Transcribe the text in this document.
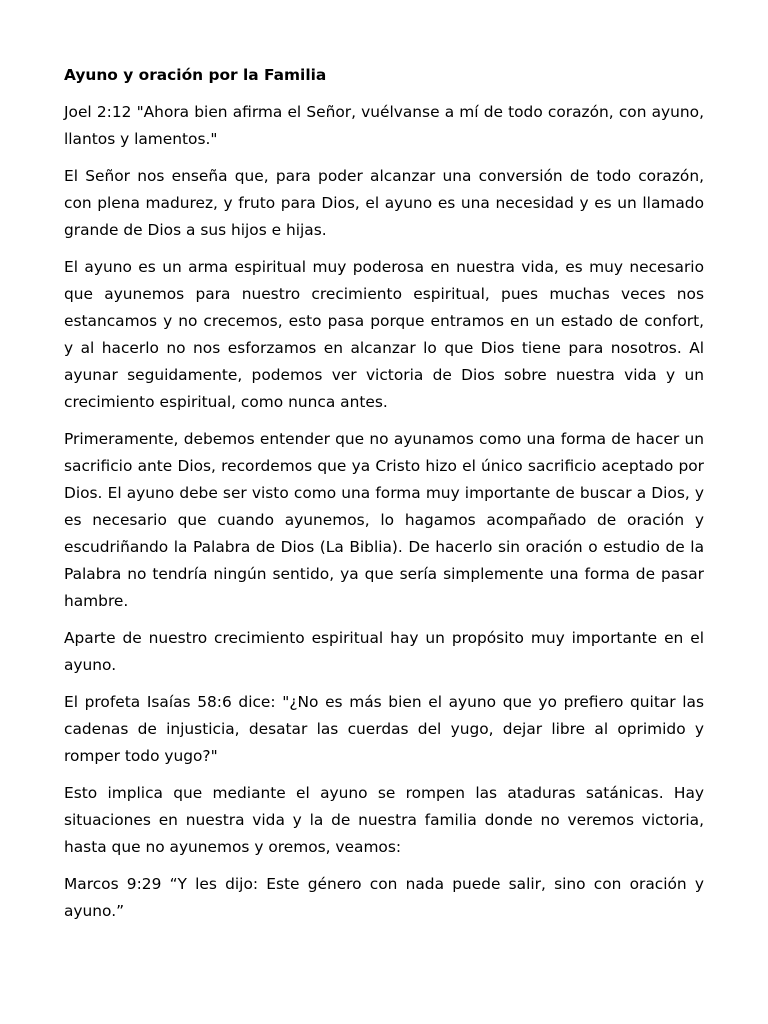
Ayuno y oración por la Familia

Joel 2:12 "Ahora bien afirma el Señor, vuélvanse a mí de todo corazón, con ayuno, llantos y lamentos."

El Señor nos enseña que, para poder alcanzar una conversión de todo corazón, con plena madurez, y fruto para Dios, el ayuno es una necesidad y es un llamado grande de Dios a sus hijos e hijas.

El ayuno es un arma espiritual muy poderosa en nuestra vida, es muy necesario que ayunemos para nuestro crecimiento espiritual, pues muchas veces nos estancamos y no crecemos, esto pasa porque entramos en un estado de confort, y al hacerlo no nos esforzamos en alcanzar lo que Dios tiene para nosotros. Al ayunar seguidamente, podemos ver victoria de Dios sobre nuestra vida y un crecimiento espiritual, como nunca antes.

Primeramente, debemos entender que no ayunamos como una forma de hacer un sacrificio ante Dios, recordemos que ya Cristo hizo el único sacrificio aceptado por Dios. El ayuno debe ser visto como una forma muy importante de buscar a Dios, y es necesario que cuando ayunemos, lo hagamos acompañado de oración y escudriñando la Palabra de Dios (La Biblia). De hacerlo sin oración o estudio de la Palabra no tendría ningún sentido, ya que sería simplemente una forma de pasar hambre.

Aparte de nuestro crecimiento espiritual hay un propósito muy importante en el ayuno.

El profeta Isaías 58:6 dice: "¿No es más bien el ayuno que yo prefiero quitar las cadenas de injusticia, desatar las cuerdas del yugo, dejar libre al oprimido y romper todo yugo?"

Esto implica que mediante el ayuno se rompen las ataduras satánicas. Hay situaciones en nuestra vida y la de nuestra familia donde no veremos victoria, hasta que no ayunemos y oremos, veamos:

Marcos 9:29 “Y les dijo: Este género con nada puede salir, sino con oración y ayuno.”
